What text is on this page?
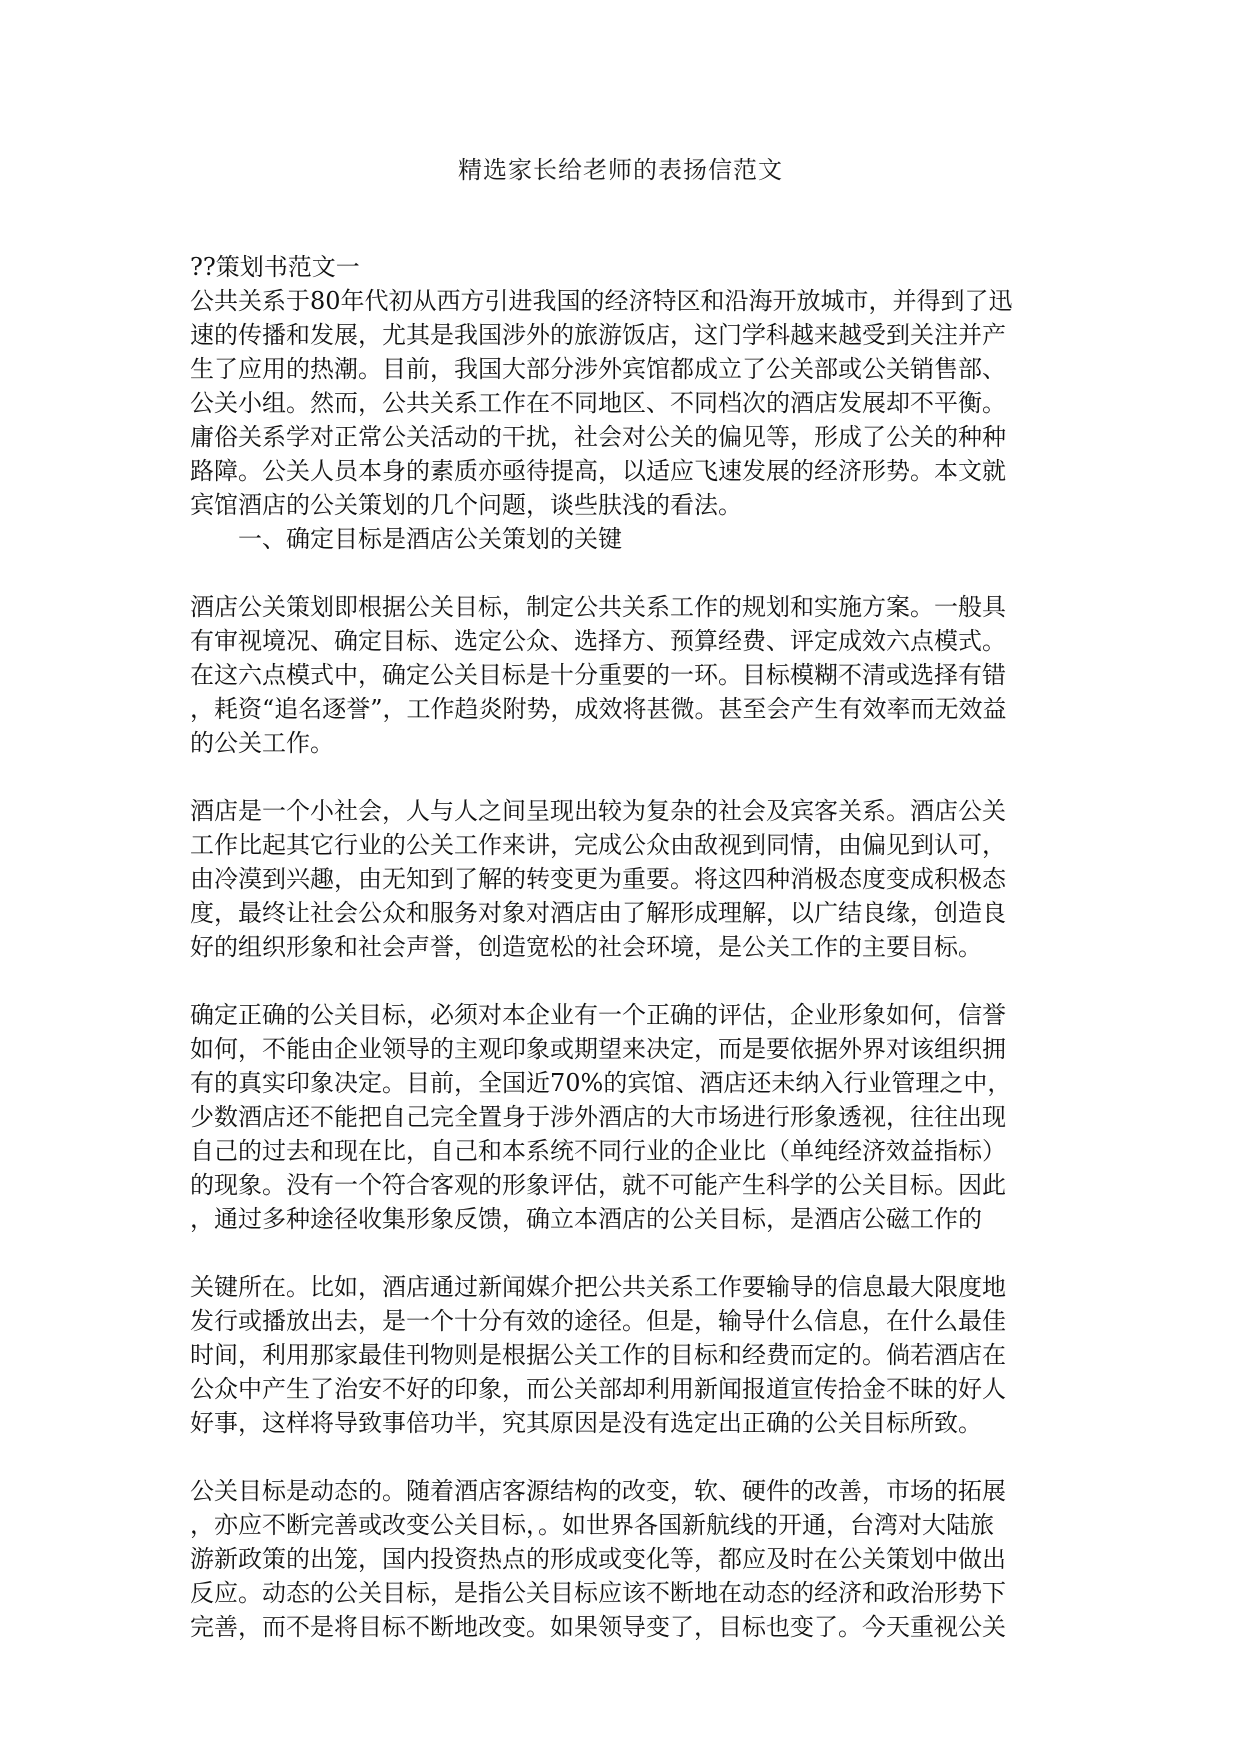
精选家长给老师的表扬信范文
??策划书范文一
公共关系于80年代初从西方引进我国的经济特区和沿海开放城市，并得到了迅
速的传播和发展，尤其是我国涉外的旅游饭店，这门学科越来越受到关注并产
生了应用的热潮。目前，我国大部分涉外宾馆都成立了公关部或公关销售部、
公关小组。然而，公共关系工作在不同地区、不同档次的酒店发展却不平衡。
庸俗关系学对正常公关活动的干扰，社会对公关的偏见等，形成了公关的种种
路障。公关人员本身的素质亦亟待提高，以适应飞速发展的经济形势。本文就
宾馆酒店的公关策划的几个问题，谈些肤浅的看法。
一、确定目标是酒店公关策划的关键
酒店公关策划即根据公关目标，制定公共关系工作的规划和实施方案。一般具
有审视境况、确定目标、选定公众、选择方、预算经费、评定成效六点模式。
在这六点模式中，确定公关目标是十分重要的一环。目标模糊不清或选择有错
，耗资“追名逐誉”，工作趋炎附势，成效将甚微。甚至会产生有效率而无效益
的公关工作。
酒店是一个小社会，人与人之间呈现出较为复杂的社会及宾客关系。酒店公关
工作比起其它行业的公关工作来讲，完成公众由敌视到同情，由偏见到认可，
由冷漠到兴趣，由无知到了解的转变更为重要。将这四种消极态度变成积极态
度，最终让社会公众和服务对象对酒店由了解形成理解，以广结良缘，创造良
好的组织形象和社会声誉，创造宽松的社会环境，是公关工作的主要目标。
确定正确的公关目标，必须对本企业有一个正确的评估，企业形象如何，信誉
如何，不能由企业领导的主观印象或期望来决定，而是要依据外界对该组织拥
有的真实印象决定。目前，全国近70%的宾馆、酒店还未纳入行业管理之中，
少数酒店还不能把自己完全置身于涉外酒店的大市场进行形象透视，往往出现
自己的过去和现在比，自己和本系统不同行业的企业比（单纯经济效益指标）
的现象。没有一个符合客观的形象评估，就不可能产生科学的公关目标。因此
，通过多种途径收集形象反馈，确立本酒店的公关目标，是酒店公磁工作的
关键所在。比如，酒店通过新闻媒介把公共关系工作要输导的信息最大限度地
发行或播放出去，是一个十分有效的途径。但是，输导什么信息，在什么最佳
时间，利用那家最佳刊物则是根据公关工作的目标和经费而定的。倘若酒店在
公众中产生了治安不好的印象，而公关部却利用新闻报道宣传拾金不昧的好人
好事，这样将导致事倍功半，究其原因是没有选定出正确的公关目标所致。
公关目标是动态的。随着酒店客源结构的改变，软、硬件的改善，市场的拓展
，亦应不断完善或改变公关目标，。如世界各国新航线的开通，台湾对大陆旅
游新政策的出笼，国内投资热点的形成或变化等，都应及时在公关策划中做出
反应。动态的公关目标，是指公关目标应该不断地在动态的经济和政治形势下
完善，而不是将目标不断地改变。如果领导变了，目标也变了。今天重视公关
